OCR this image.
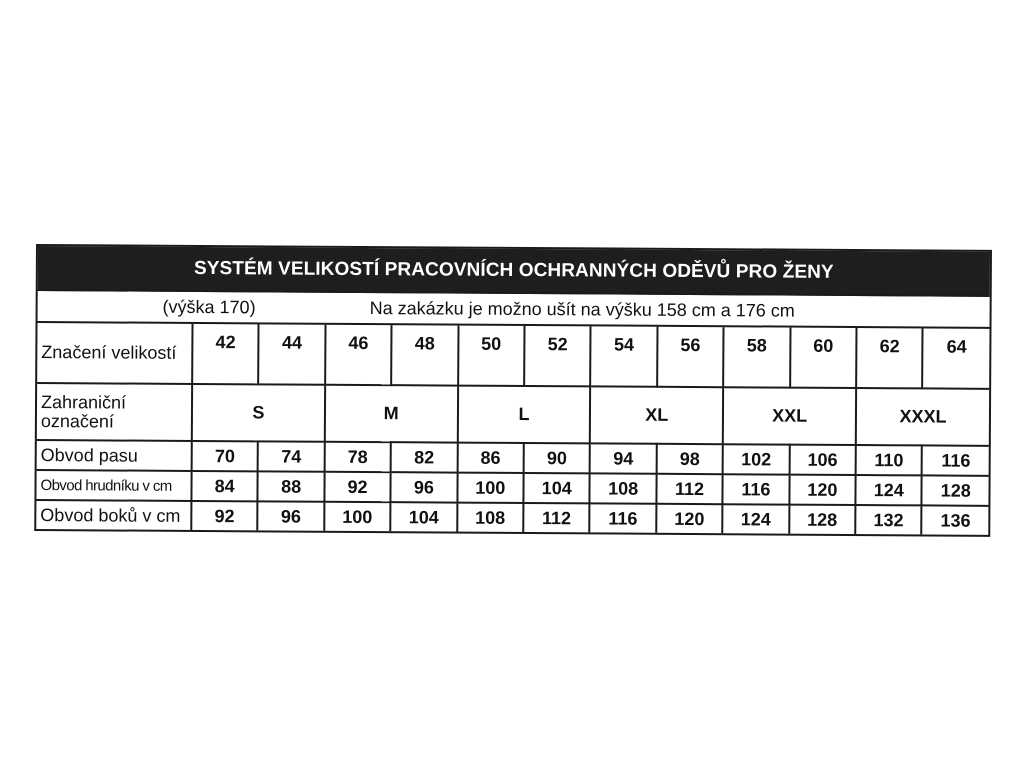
SYSTÉM VELIKOSTÍ PRACOVNÍCH OCHRANNÝCH ODĚVŮ PRO ŽENY
(výška 170)	Na zakázku je možno ušít na výšku 158 cm a 176 cm
Značení velikostí	42	44	46	48	50	52	54	56	58	60	62	64
Zahraniční označení	S		M		L		XL		XXL		XXXL	
Obvod pasu	70	74	78	82	86	90	94	98	102	106	110	116
Obvod hrudníku v cm	84	88	92	96	100	104	108	112	116	120	124	128
Obvod boků v cm	92	96	100	104	108	112	116	120	124	128	132	136
